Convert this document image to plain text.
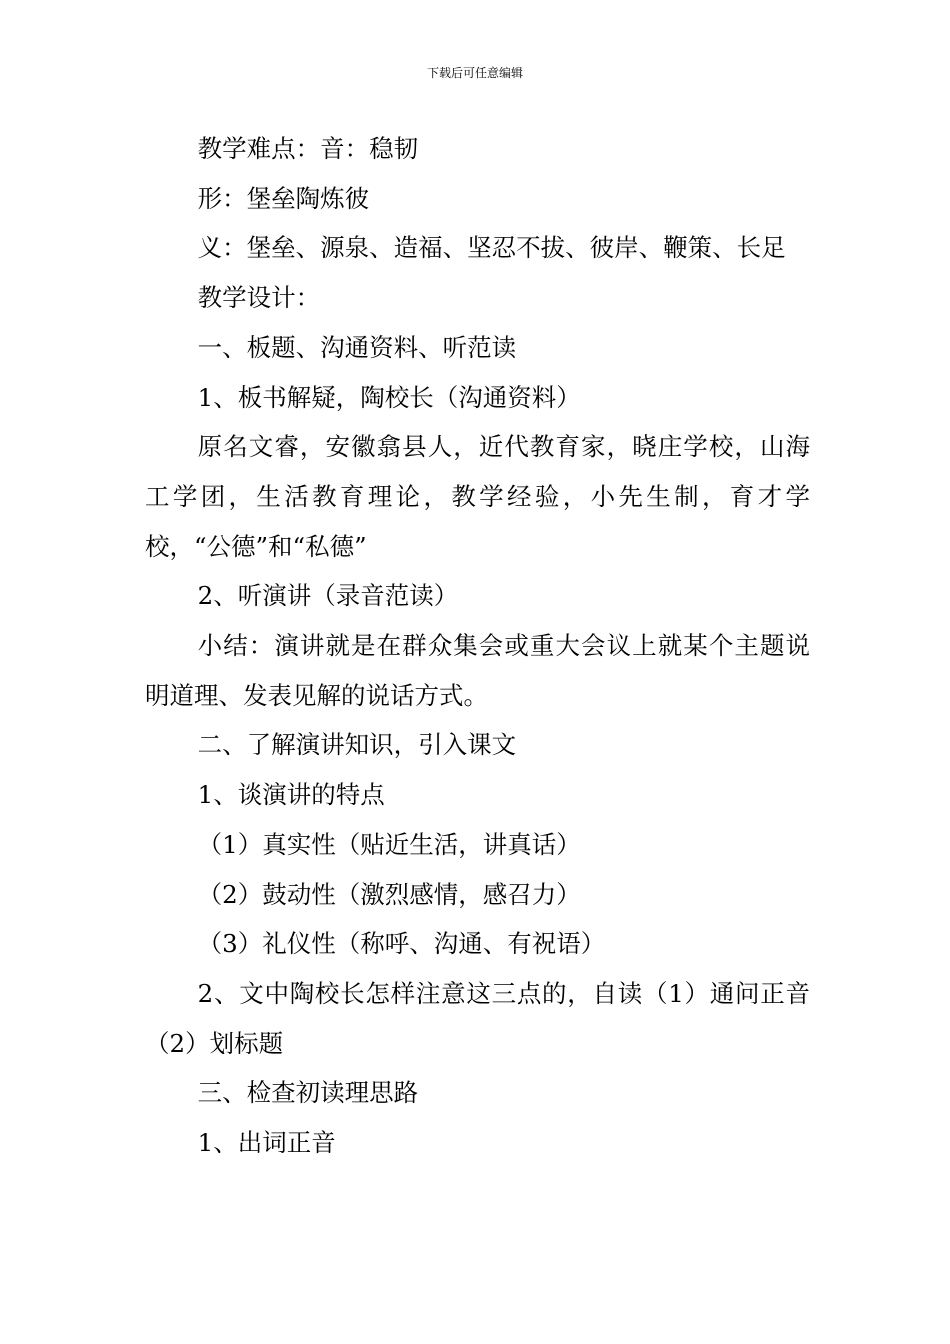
下载后可任意编辑

教学难点：音：稳韧

形：堡垒陶炼彼

义：堡垒、源泉、造福、坚忍不拔、彼岸、鞭策、长足

教学设计：

一、板题、沟通资料、听范读

1、板书解疑，陶校长（沟通资料）

原名文睿，安徽翕县人，近代教育家，晓庄学校，山海工学团，生活教育理论，教学经验，小先生制，育才学校，“公德”和“私德”

2、听演讲（录音范读）

小结：演讲就是在群众集会或重大会议上就某个主题说明道理、发表见解的说话方式。

二、了解演讲知识，引入课文

1、谈演讲的特点

（1）真实性（贴近生活，讲真话）

（2）鼓动性（激烈感情，感召力）

（3）礼仪性（称呼、沟通、有祝语）

2、文中陶校长怎样注意这三点的，自读（1）通问正音（2）划标题

三、检查初读理思路

1、出词正音
